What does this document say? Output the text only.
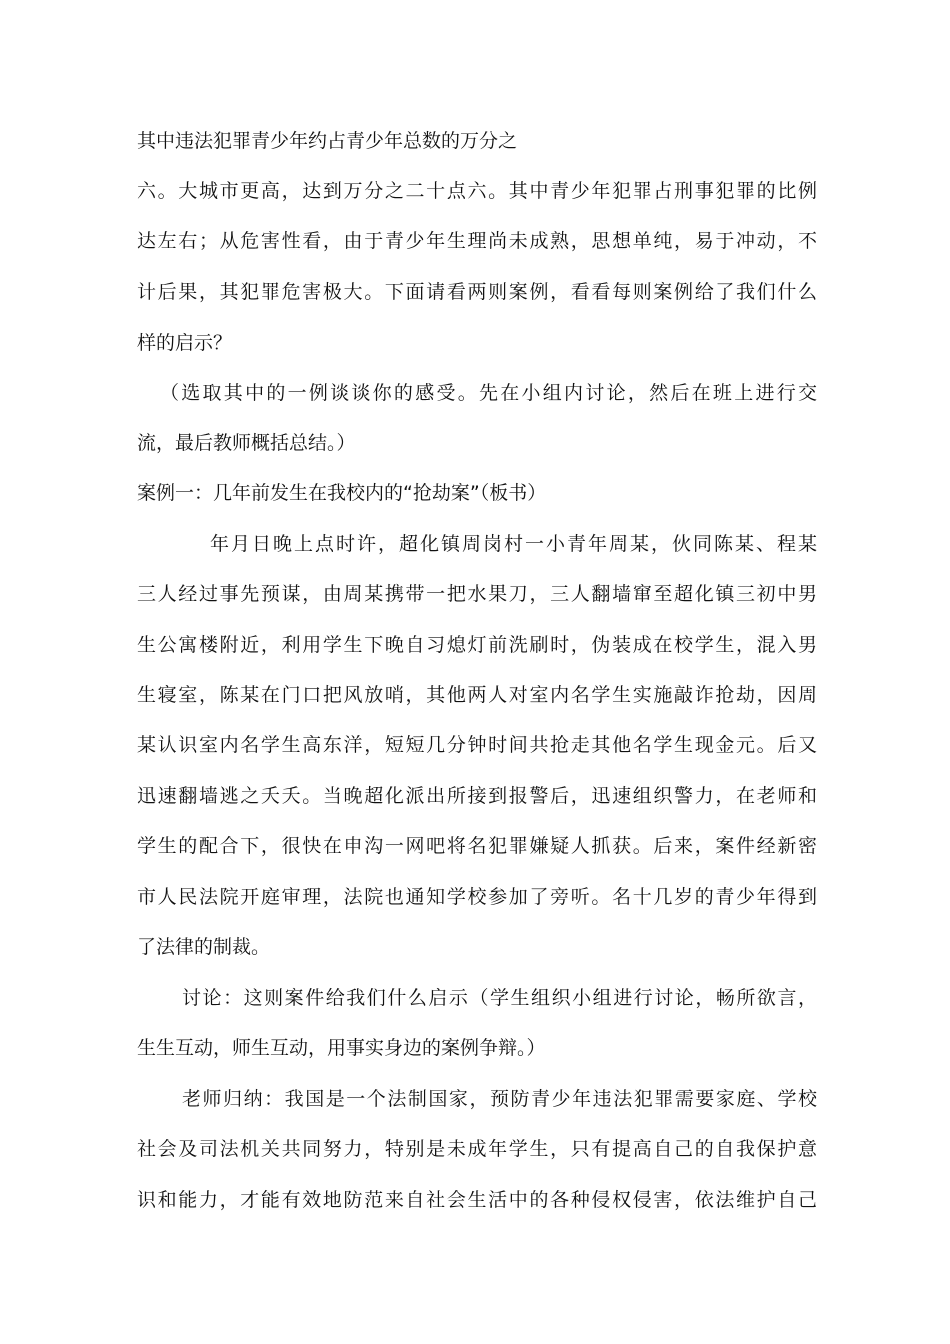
其中违法犯罪青少年约占青少年总数的万分之
六。大城市更高，达到万分之二十点六。其中青少年犯罪占刑事犯罪的比例
达左右；从危害性看，由于青少年生理尚未成熟，思想单纯，易于冲动，不
计后果，其犯罪危害极大。下面请看两则案例，看看每则案例给了我们什么
样的启示？
（选取其中的一例谈谈你的感受。先在小组内讨论，然后在班上进行交
流，最后教师概括总结。）
案例一：几年前发生在我校内的“抢劫案”（板书）
年月日晚上点时许，超化镇周岗村一小青年周某，伙同陈某、程某
三人经过事先预谋，由周某携带一把水果刀，三人翻墙窜至超化镇三初中男
生公寓楼附近，利用学生下晚自习熄灯前洗刷时，伪装成在校学生，混入男
生寝室，陈某在门口把风放哨，其他两人对室内名学生实施敲诈抢劫，因周
某认识室内名学生高东洋，短短几分钟时间共抢走其他名学生现金元。后又
迅速翻墙逃之夭夭。当晚超化派出所接到报警后，迅速组织警力，在老师和
学生的配合下，很快在申沟一网吧将名犯罪嫌疑人抓获。后来，案件经新密
市人民法院开庭审理，法院也通知学校参加了旁听。名十几岁的青少年得到
了法律的制裁。
讨论：这则案件给我们什么启示（学生组织小组进行讨论，畅所欲言，
生生互动，师生互动，用事实身边的案例争辩。）
老师归纳：我国是一个法制国家，预防青少年违法犯罪需要家庭、学校
社会及司法机关共同努力，特别是未成年学生，只有提高自己的自我保护意
识和能力，才能有效地防范来自社会生活中的各种侵权侵害，依法维护自己
